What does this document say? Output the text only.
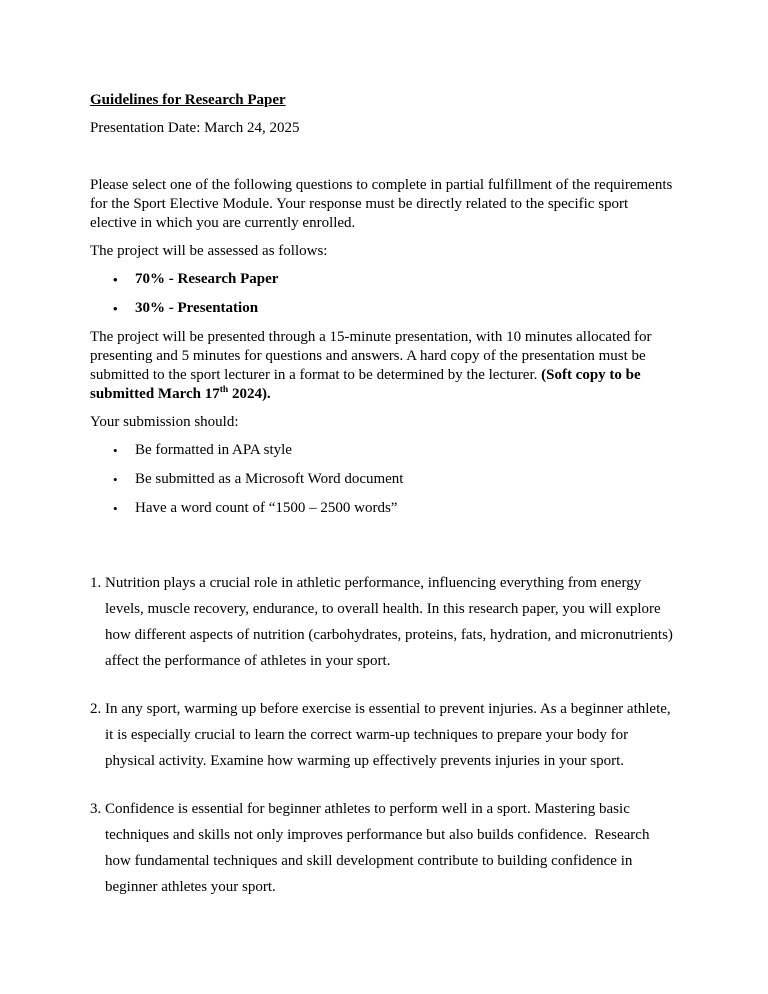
Guidelines for Research Paper

Presentation Date: March 24, 2025

Please select one of the following questions to complete in partial fulfillment of the requirements for the Sport Elective Module. Your response must be directly related to the specific sport elective in which you are currently enrolled.

The project will be assessed as follows:

•	70% - Research Paper
•	30% - Presentation

The project will be presented through a 15-minute presentation, with 10 minutes allocated for presenting and 5 minutes for questions and answers. A hard copy of the presentation must be submitted to the sport lecturer in a format to be determined by the lecturer. (Soft copy to be submitted March 17th 2024).

Your submission should:

•	Be formatted in APA style
•	Be submitted as a Microsoft Word document
•	Have a word count of “1500 – 2500 words”
1. Nutrition plays a crucial role in athletic performance, influencing everything from energy levels, muscle recovery, endurance, to overall health. In this research paper, you will explore how different aspects of nutrition (carbohydrates, proteins, fats, hydration, and micronutrients) affect the performance of athletes in your sport.
2. In any sport, warming up before exercise is essential to prevent injuries. As a beginner athlete, it is especially crucial to learn the correct warm-up techniques to prepare your body for physical activity. Examine how warming up effectively prevents injuries in your sport.
3. Confidence is essential for beginner athletes to perform well in a sport. Mastering basic techniques and skills not only improves performance but also builds confidence.  Research how fundamental techniques and skill development contribute to building confidence in beginner athletes your sport.
